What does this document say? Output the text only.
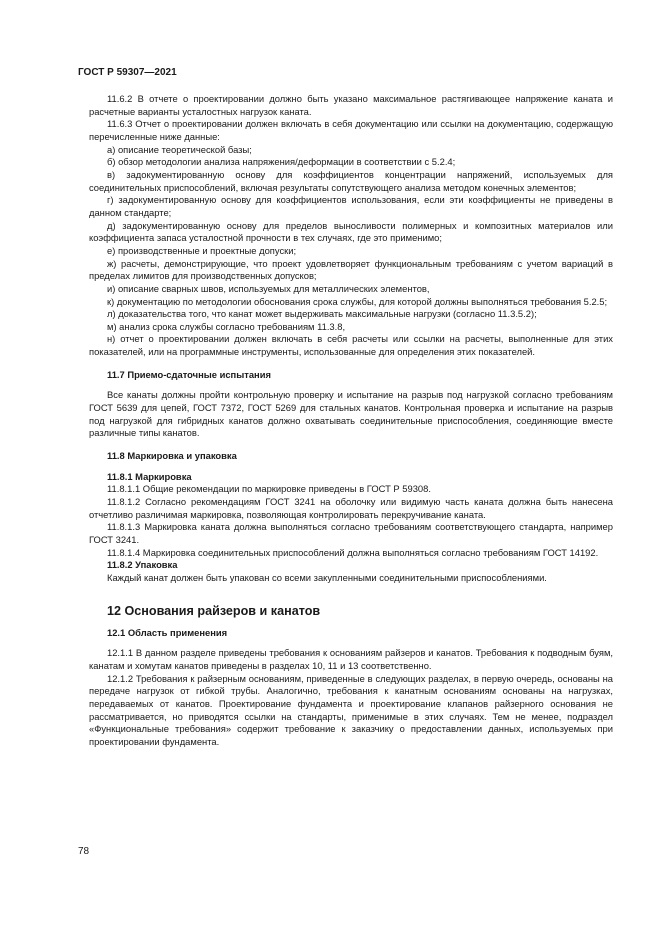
ГОСТ Р 59307—2021

11.6.2 В отчете о проектировании должно быть указано максимальное растягивающее напряжение каната и расчетные варианты усталостных нагрузок каната.

11.6.3 Отчет о проектировании должен включать в себя документацию или ссылки на документацию, содержащую перечисленные ниже данные:

а) описание теоретической базы;

б) обзор методологии анализа напряжения/деформации в соответствии с 5.2.4;

в) задокументированную основу для коэффициентов концентрации напряжений, используемых для соединительных приспособлений, включая результаты сопутствующего анализа методом конечных элементов;

г) задокументированную основу для коэффициентов использования, если эти коэффициенты не приведены в данном стандарте;

д) задокументированную основу для пределов выносливости полимерных и композитных материалов или коэффициента запаса усталостной прочности в тех случаях, где это применимо;

е) производственные и проектные допуски;

ж) расчеты, демонстрирующие, что проект удовлетворяет функциональным требованиям с учетом вариаций в пределах лимитов для производственных допусков;

и) описание сварных швов, используемых для металлических элементов,

к) документацию по методологии обоснования срока службы, для которой должны выполняться требования 5.2.5;

л) доказательства того, что канат может выдерживать максимальные нагрузки (согласно 11.3.5.2);

м) анализ срока службы согласно требованиям 11.3.8,

н) отчет о проектировании должен включать в себя расчеты или ссылки на расчеты, выполненные для этих показателей, или на программные инструменты, использованные для определения этих показателей.

11.7 Приемо-сдаточные испытания

Все канаты должны пройти контрольную проверку и испытание на разрыв под нагрузкой согласно требованиям ГОСТ 5639 для цепей, ГОСТ 7372, ГОСТ 5269 для стальных канатов. Контрольная проверка и испытание на разрыв под нагрузкой для гибридных канатов должно охватывать соединительные приспособления, соединяющие вместе различные типы канатов.

11.8 Маркировка и упаковка

11.8.1 Маркировка

11.8.1.1 Общие рекомендации по маркировке приведены в ГОСТ Р 59308.

11.8.1.2 Согласно рекомендациям ГОСТ 3241 на оболочку или видимую часть каната должна быть нанесена отчетливо различимая маркировка, позволяющая контролировать перекручивание каната.

11.8.1.3 Маркировка каната должна выполняться согласно требованиям соответствующего стандарта, например ГОСТ 3241.

11.8.1.4 Маркировка соединительных приспособлений должна выполняться согласно требованиям ГОСТ 14192.

11.8.2 Упаковка

Каждый канат должен быть упакован со всеми закупленными соединительными приспособлениями.

12 Основания райзеров и канатов

12.1 Область применения

12.1.1 В данном разделе приведены требования к основаниям райзеров и канатов. Требования к подводным буям, канатам и хомутам канатов приведены в разделах 10, 11 и 13 соответственно.

12.1.2 Требования к райзерным основаниям, приведенные в следующих разделах, в первую очередь, основаны на передаче нагрузок от гибкой трубы. Аналогично, требования к канатным основаниям основаны на нагрузках, передаваемых от канатов. Проектирование фундамента и проектирование клапанов райзерного основания не рассматривается, но приводятся ссылки на стандарты, применимые в этих случаях. Тем не менее, подраздел «Функциональные требования» содержит требование к заказчику о предоставлении данных, используемых при проектировании фундамента.

78
